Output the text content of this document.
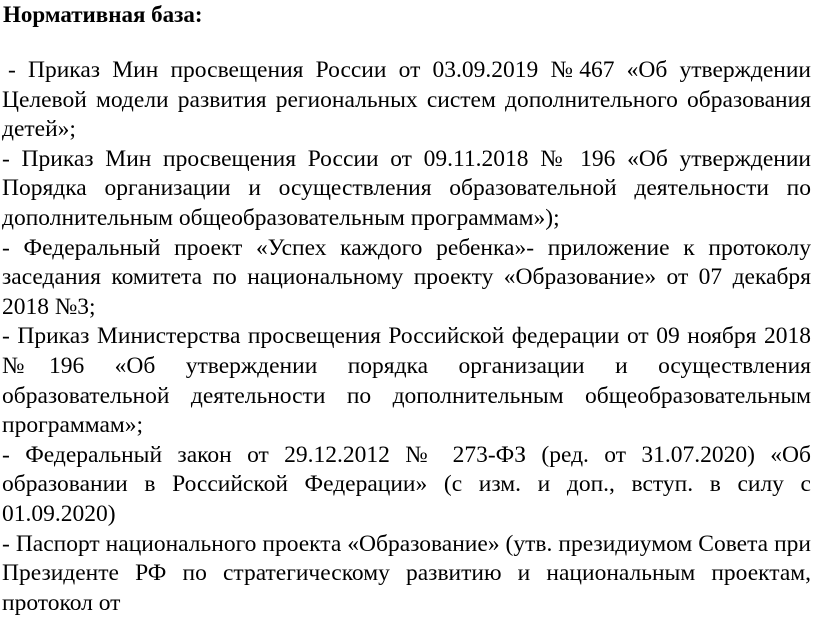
Нормативная база:
- Приказ Мин просвещения России от 03.09.2019 №467 «Об утверждении Целевой модели развития региональных систем дополнительного образования детей»;
- Приказ Мин просвещения России от 09.11.2018 № 196 «Об утверждении Порядка организации и осуществления образовательной деятельности по дополнительным общеобразовательным программам»);
- Федеральный проект «Успех каждого ребенка»- приложение к протоколу заседания комитета по национальному проекту «Образование» от 07 декабря 2018 №3;
- Приказ Министерства просвещения Российской федерации от 09 ноября 2018 №196 «Об утверждении порядка организации и осуществления образовательной деятельности по дополнительным общеобразовательным программам»;
- Федеральный закон от 29.12.2012 № 273-ФЗ (ред. от 31.07.2020) «Об образовании в Российской Федерации» (с изм. и доп., вступ. в силу с 01.09.2020)
- Паспорт национального проекта «Образование» (утв. президиумом Совета при Президенте РФ по стратегическому развитию и национальным проектам, протокол от
